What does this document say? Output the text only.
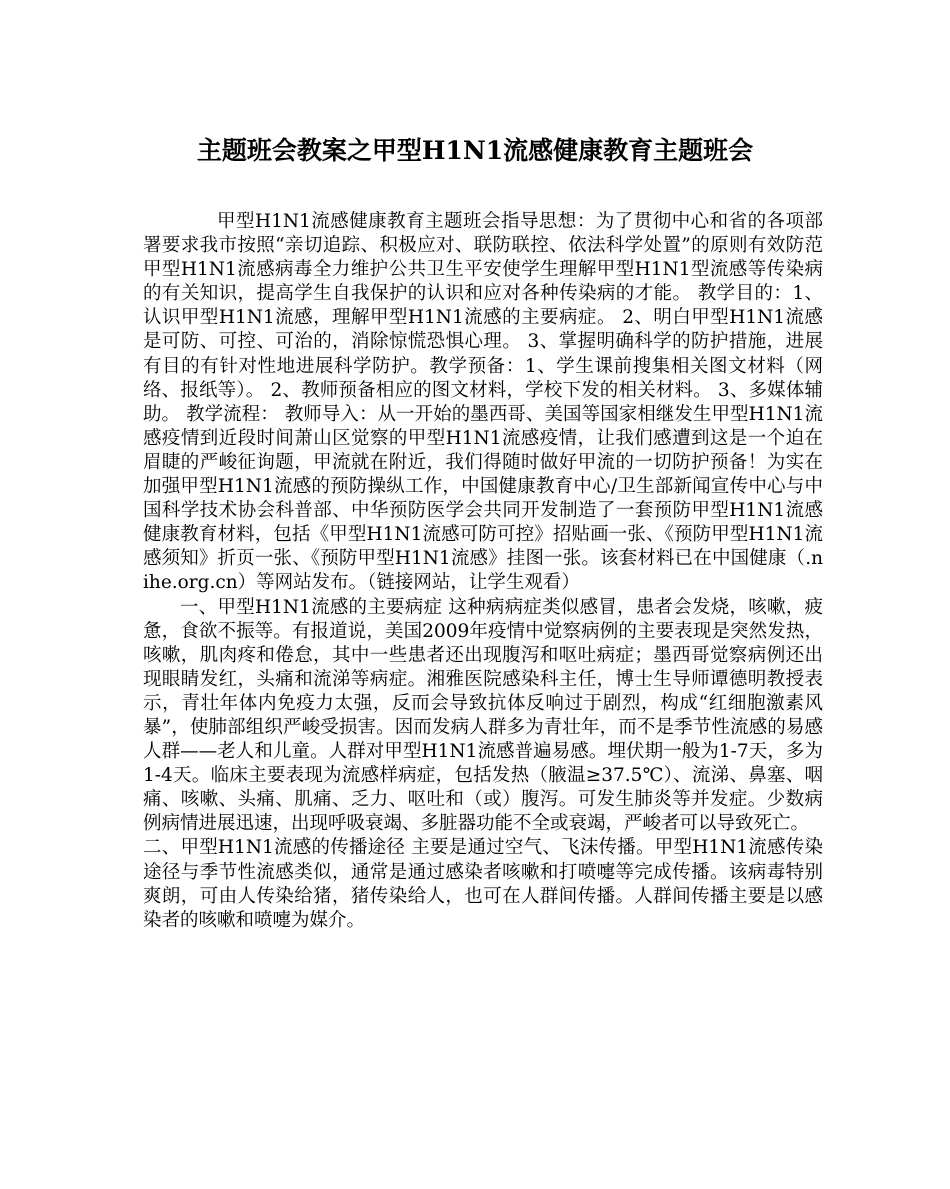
主题班会教案之甲型H1N1流感健康教育主题班会

甲型H1N1流感健康教育主题班会指导思想：为了贯彻中心和省的各项部署要求我市按照“亲切追踪、积极应对、联防联控、依法科学处置”的原则有效防范甲型H1N1流感病毒全力维护公共卫生平安使学生理解甲型H1N1型流感等传染病的有关知识，提高学生自我保护的认识和应对各种传染病的才能。 教学目的：1、认识甲型H1N1流感，理解甲型H1N1流感的主要病症。 2、明白甲型H1N1流感是可防、可控、可治的，消除惊慌恐惧心理。 3、掌握明确科学的防护措施，进展有目的有针对性地进展科学防护。教学预备：1、学生课前搜集相关图文材料（网络、报纸等）。 2、教师预备相应的图文材料，学校下发的相关材料。 3、多媒体辅助。 教学流程： 教师导入：从一开始的墨西哥、美国等国家相继发生甲型H1N1流感疫情到近段时间萧山区觉察的甲型H1N1流感疫情，让我们感遭到这是一个迫在眉睫的严峻征询题，甲流就在附近，我们得随时做好甲流的一切防护预备！为实在加强甲型H1N1流感的预防操纵工作，中国健康教育中心/卫生部新闻宣传中心与中国科学技术协会科普部、中华预防医学会共同开发制造了一套预防甲型H1N1流感健康教育材料，包括《甲型H1N1流感可防可控》招贴画一张、《预防甲型H1N1流感须知》折页一张、《预防甲型H1N1流感》挂图一张。该套材料已在中国健康（.nihe.org.cn）等网站发布。（链接网站，让学生观看）

一、甲型H1N1流感的主要病症 这种病病症类似感冒，患者会发烧，咳嗽，疲惫，食欲不振等。有报道说，美国2009年疫情中觉察病例的主要表现是突然发热，咳嗽，肌肉疼和倦怠，其中一些患者还出现腹泻和呕吐病症；墨西哥觉察病例还出现眼睛发红，头痛和流涕等病症。湘雅医院感染科主任，博士生导师谭德明教授表示，青壮年体内免疫力太强，反而会导致抗体反响过于剧烈，构成“红细胞激素风暴”，使肺部组织严峻受损害。因而发病人群多为青壮年，而不是季节性流感的易感人群——老人和儿童。人群对甲型H1N1流感普遍易感。埋伏期一般为1-7天，多为1-4天。临床主要表现为流感样病症，包括发热（腋温≥37.5℃）、流涕、鼻塞、咽痛、咳嗽、头痛、肌痛、乏力、呕吐和（或）腹泻。可发生肺炎等并发症。少数病例病情进展迅速，出现呼吸衰竭、多脏器功能不全或衰竭，严峻者可以导致死亡。

二、甲型H1N1流感的传播途径 主要是通过空气、飞沫传播。甲型H1N1流感传染途径与季节性流感类似，通常是通过感染者咳嗽和打喷嚏等完成传播。该病毒特别爽朗，可由人传染给猪，猪传染给人，也可在人群间传播。人群间传播主要是以感染者的咳嗽和喷嚏为媒介。
